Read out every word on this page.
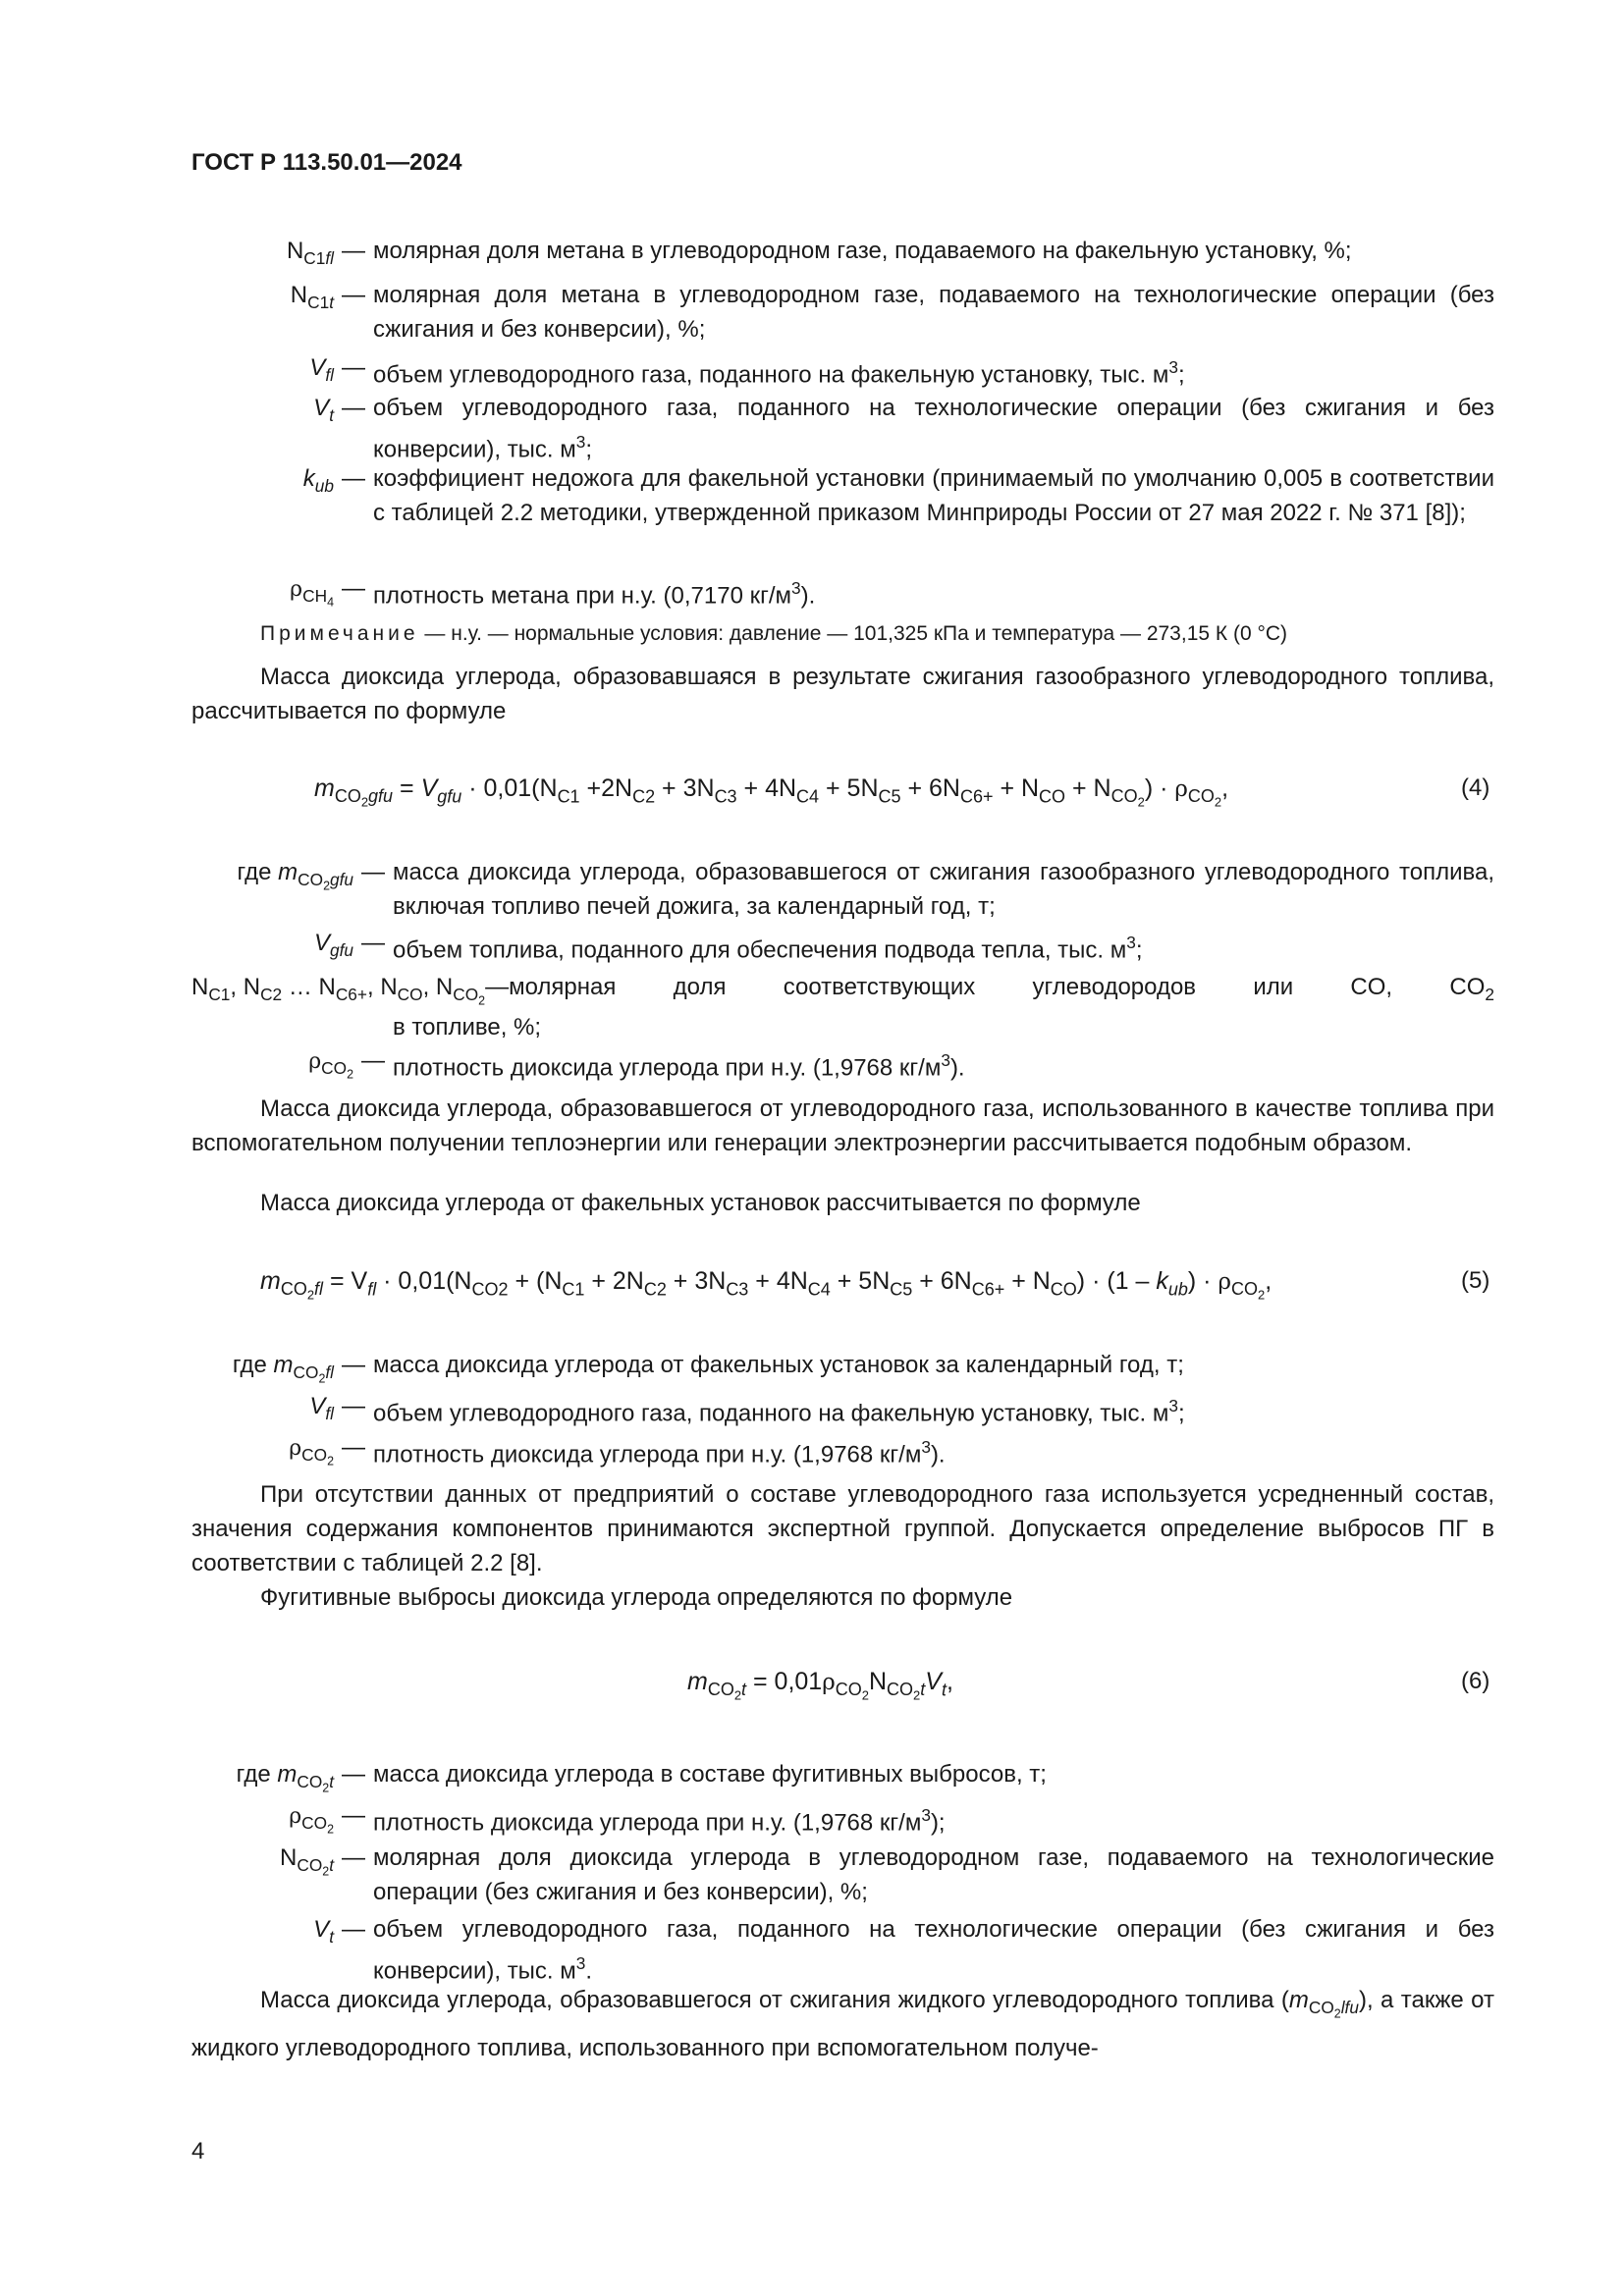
ГОСТ Р 113.50.01—2024
$N_{C1fl}$ — молярная доля метана в углеводородном газе, подаваемого на факельную установку, %;
$N_{C1t}$ — молярная доля метана в углеводородном газе, подаваемого на технологические операции (без сжигания и без конверсии), %;
$V_{fl}$ — объем углеводородного газа, поданного на факельную установку, тыс. $м^3$;
$V_t$ — объем углеводородного газа, поданного на технологические операции (без сжигания и без конверсии), тыс. $м^3$;
$k_{ub}$ — коэффициент недожога для факельной установки (принимаемый по умолчанию 0,005 в соответствии с таблицей 2.2 методики, утвержденной приказом Минприроды России от 27 мая 2022 г. № 371 [8]);
$\rho_{CH_4}$
— плотность метана при н.у. (0,7170 $кг/м^3$).
Примечание — н.у. — нормальные условия: давление — 101,325 кПа и температура — 273,15 К (0 °С)
Масса диоксида углерода, образовавшаяся в результате сжигания газообразного углеводородного топлива, рассчитывается по формуле
$m_{CO_2gfu} = V_{gfu} \cdot 0,01(N_{C1} +2N_{C2} + 3N_{C3} + 4N_{C4} + 5N_{C5} + 6N_{C6+} + N_{CO} + N_{CO_2}) \cdot \rho_{CO_2}$,	(4)
где $m_{CO_2gfu}$ — масса диоксида углерода, образовавшегося от сжигания газообразного углеводородного топлива, включая топливо печей дожига, за календарный год, т;
$V_{gfu}$ — объем топлива, поданного для обеспечения подвода тепла, тыс. $м^3$;
$N_{C1}$, $N_{C2}$ … $N_{C6+}$, $N_{CO}$, $N_{CO_2}$
— молярная доля соответствующих углеводородов или CO, $CO_2$
в топливе, %;
$\rho_{CO_2}$
— плотность диоксида углерода при н.у. (1,9768 $кг/м^3$).
Масса диоксида углерода, образовавшегося от углеводородного газа, использованного в качестве топлива при вспомогательном получении теплоэнергии или генерации электроэнергии рассчитывается подобным образом.
Масса диоксида углерода от факельных установок рассчитывается по формуле
$m_{CO_2fl} = V_{fl} \cdot 0,01(N_{CO2} + (N_{C1} + 2N_{C2} + 3N_{C3} + 4N_{C4} + 5N_{C5} + 6N_{C6+} + N_{CO}) \cdot (1 - k_{ub}) \cdot \rho_{CO_2}$,	(5)
где $m_{CO_2fl}$ — масса диоксида углерода от факельных установок за календарный год, т;
$V_{fl}$ — объем углеводородного газа, поданного на факельную установку, тыс. $м^3$;
$\rho_{CO_2}$
— плотность диоксида углерода при н.у. (1,9768 $кг/м^3$).
При отсутствии данных от предприятий о составе углеводородного газа используется усредненный состав, значения содержания компонентов принимаются экспертной группой. Допускается определение выбросов ПГ в соответствии с таблицей 2.2 [8].
Фугитивные выбросы диоксида углерода определяются по формуле
$m_{CO_2t} = 0,01\rho_{CO_2}N_{CO_2t}V_t$,	(6)
где $m_{CO_2t}$ — масса диоксида углерода в составе фугитивных выбросов, т;
$\rho_{CO_2}$
— плотность диоксида углерода при н.у. (1,9768 $кг/м^3$);
$N_{CO_2t}$ — молярная доля диоксида углерода в углеводородном газе, подаваемого на технологические операции (без сжигания и без конверсии), %;
$V_t$ — объем углеводородного газа, поданного на технологические операции (без сжигания и без конверсии), тыс. $м^3$.
Масса диоксида углерода, образовавшегося от сжигания жидкого углеводородного топлива $(m_{CO_2lfu})$, а также от жидкого углеводородного топлива, использованного при вспомогательном получе-
4
